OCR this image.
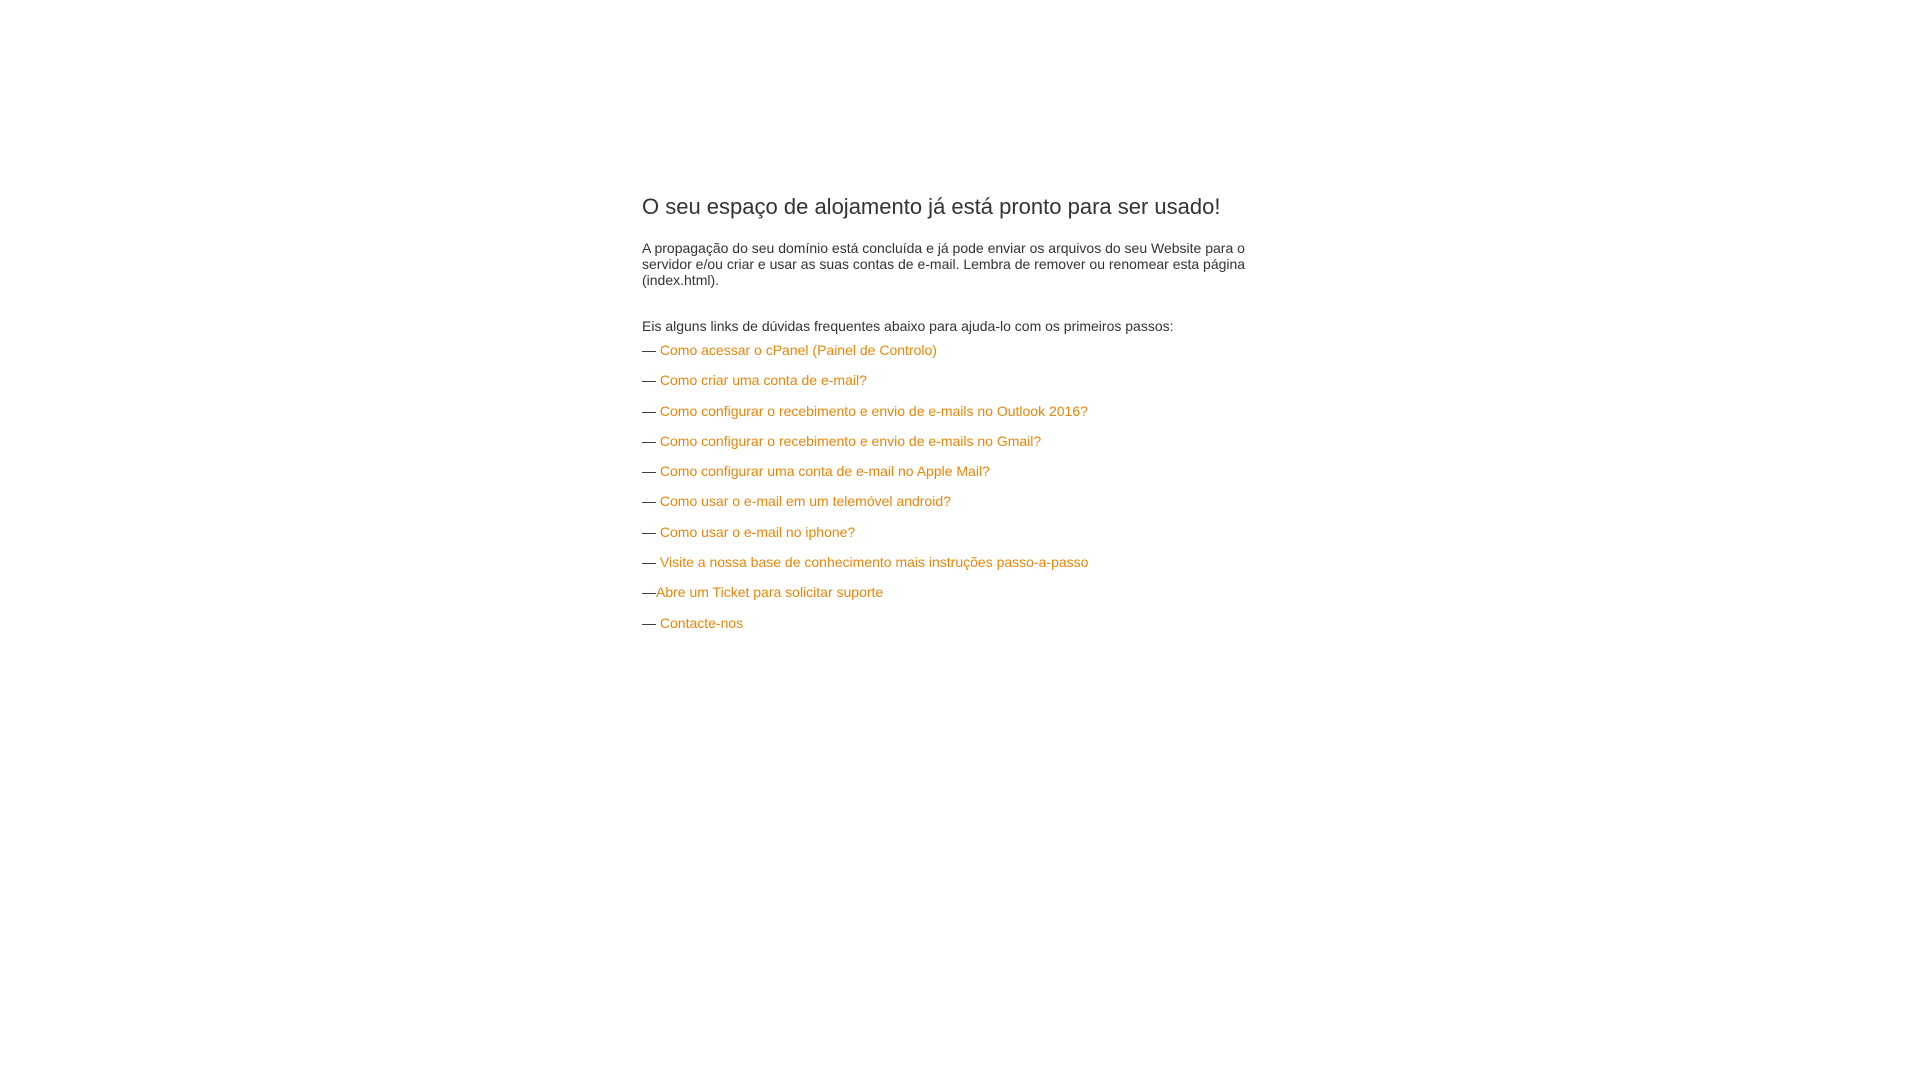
O seu espaço de alojamento já está pronto para ser usado!

A propagação do seu domínio está concluída e já pode enviar os arquivos do seu Website para o servidor e/ou criar e usar as suas contas de e-mail. Lembra de remover ou renomear esta página (index.html).

Eis alguns links de dúvidas frequentes abaixo para ajuda-lo com os primeiros passos:

— Como acessar o cPanel (Painel de Controlo)
— Como criar uma conta de e-mail?
— Como configurar o recebimento e envio de e-mails no Outlook 2016?
— Como configurar o recebimento e envio de e-mails no Gmail?
— Como configurar uma conta de e-mail no Apple Mail?
— Como usar o e-mail em um telemóvel android?
— Como usar o e-mail no iphone?
— Visite a nossa base de conhecimento mais instruções passo-a-passo
—Abre um Ticket para solicitar suporte
— Contacte-nos
